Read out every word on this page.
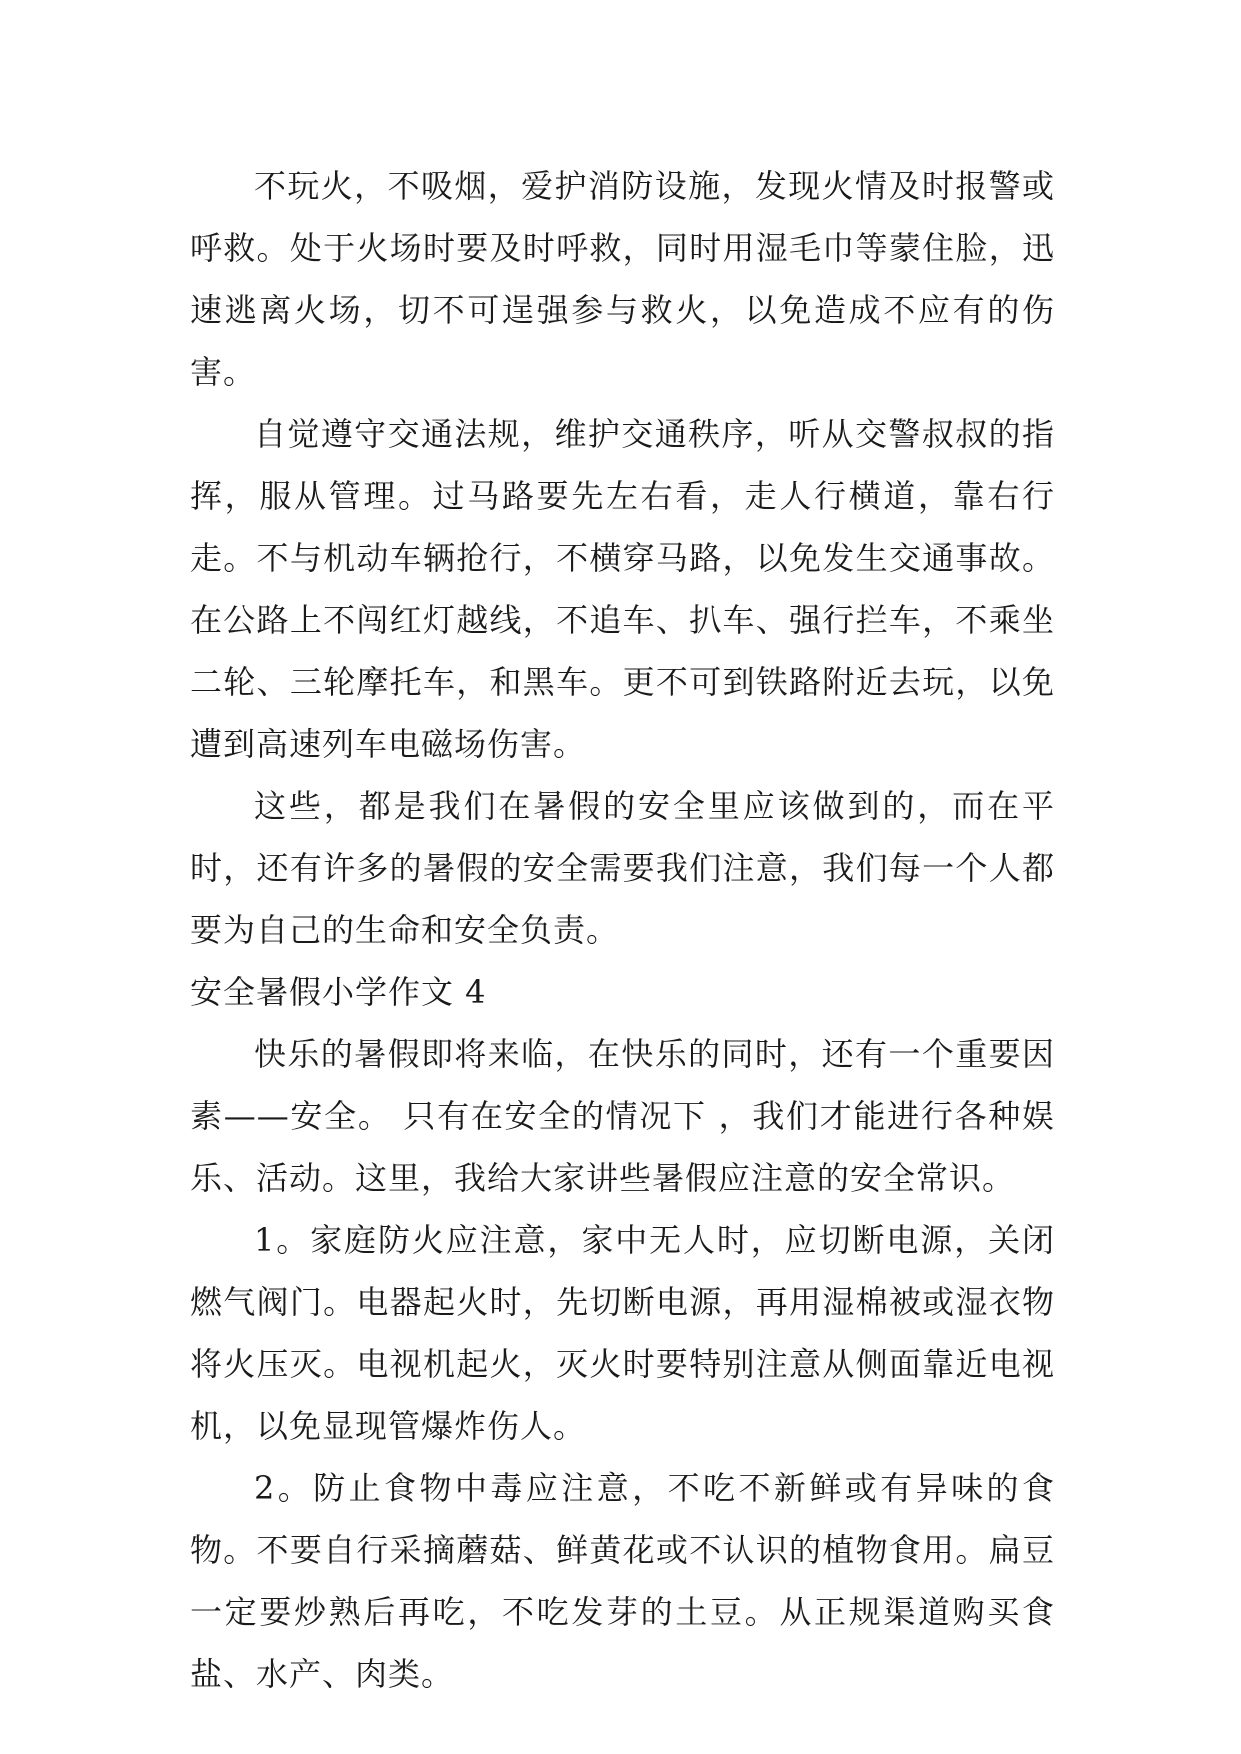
不玩火，不吸烟，爱护消防设施，发现火情及时报警或呼救。处于火场时要及时呼救，同时用湿毛巾等蒙住脸，迅速逃离火场，切不可逞强参与救火，以免造成不应有的伤害。

自觉遵守交通法规，维护交通秩序，听从交警叔叔的指挥，服从管理。过马路要先左右看，走人行横道，靠右行走。不与机动车辆抢行，不横穿马路，以免发生交通事故。在公路上不闯红灯越线，不追车、扒车、强行拦车，不乘坐二轮、三轮摩托车，和黑车。更不可到铁路附近去玩，以免遭到高速列车电磁场伤害。

这些，都是我们在暑假的安全里应该做到的，而在平时，还有许多的暑假的安全需要我们注意，我们每一个人都要为自己的生命和安全负责。

安全暑假小学作文 4

快乐的暑假即将来临，在快乐的同时，还有一个重要因素——安全。 只有在安全的情况下 ，我们才能进行各种娱乐、活动。这里，我给大家讲些暑假应注意的安全常识。

1。家庭防火应注意，家中无人时，应切断电源，关闭燃气阀门。电器起火时，先切断电源，再用湿棉被或湿衣物将火压灭。电视机起火，灭火时要特别注意从侧面靠近电视机，以免显现管爆炸伤人。

2。防止食物中毒应注意，不吃不新鲜或有异味的食物。不要自行采摘蘑菇、鲜黄花或不认识的植物食用。扁豆一定要炒熟后再吃，不吃发芽的土豆。从正规渠道购买食盐、水产、肉类。
